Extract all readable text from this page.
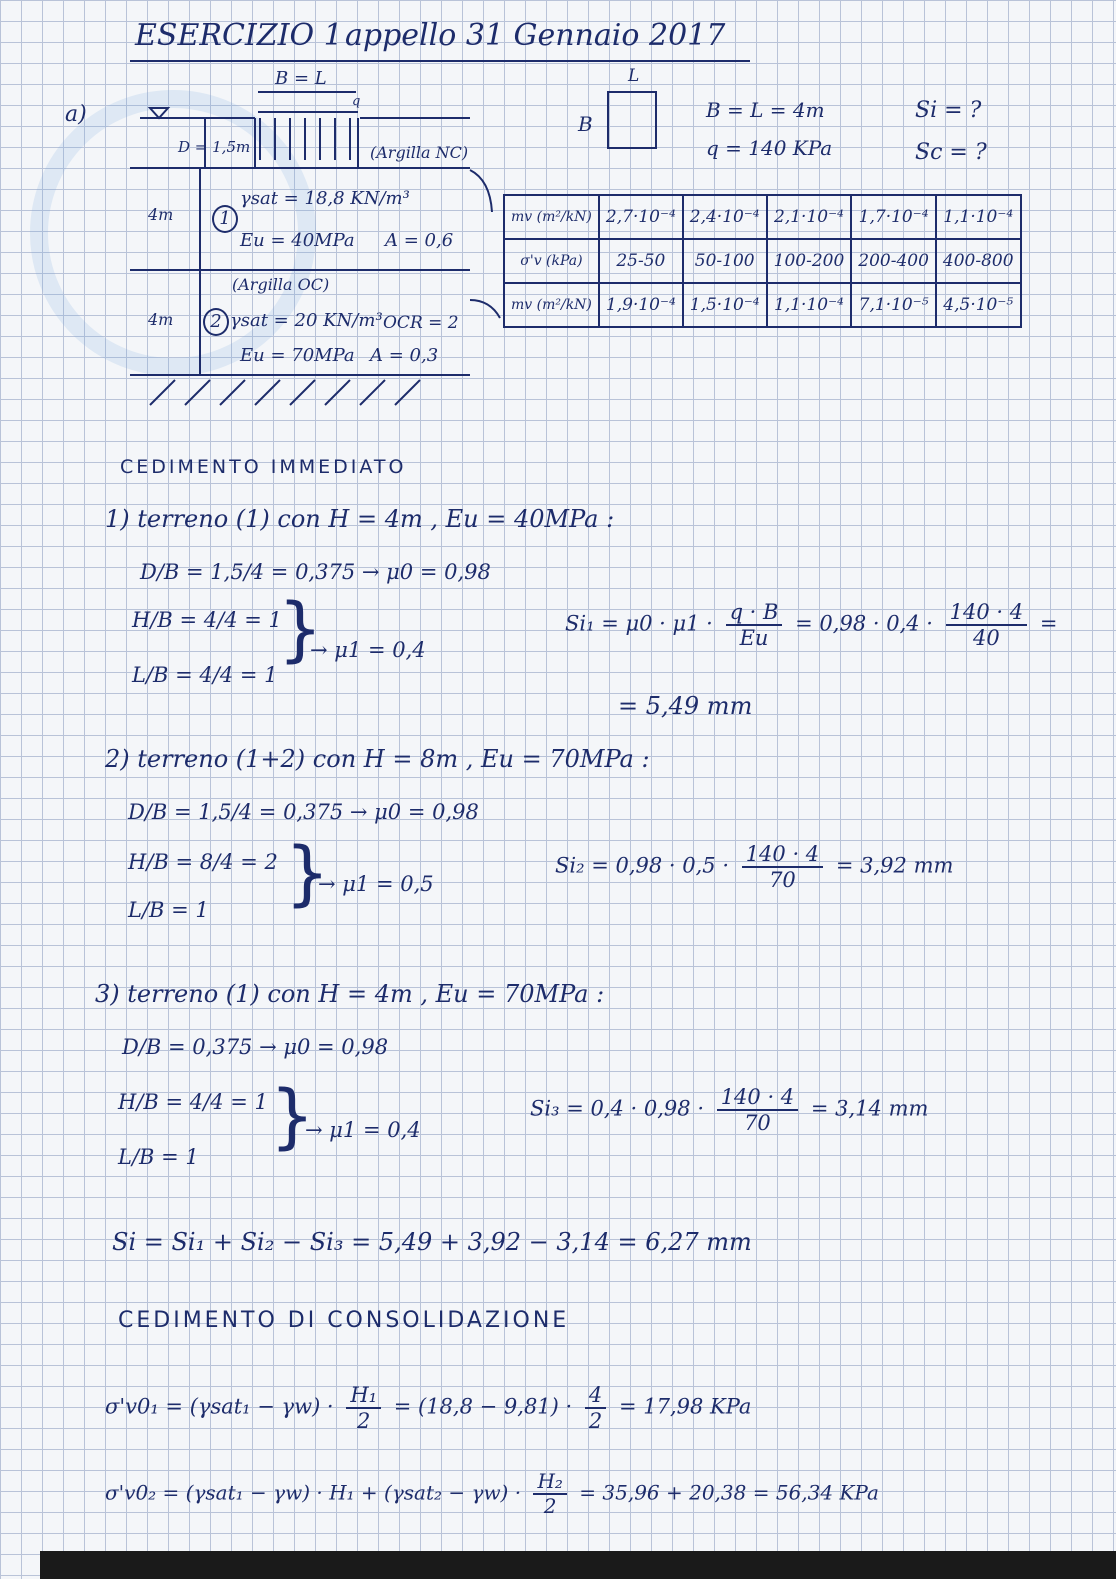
ESERCIZIO 1 appello 31 Gennaio 2017
a)
B = L
q
D = 1,5m	(Argilla NC)
4m	1
γsat = 18,8 KN/m³
Eu = 40MPa A = 0,6
(Argilla OC)
4m	2 γsat = 20 KN/m³ OCR = 2
Eu = 70MPa A = 0,3
L
B
B = L = 4m
q = 140 KPa
Si = ?
Sc = ?
mv (m²/kN)	2,7·10⁻⁴	2,4·10⁻⁴	2,1·10⁻⁴	1,7·10⁻⁴	1,1·10⁻⁴
σ'v (kPa)	25-50	50-100	100-200	200-400	400-800
mv (m²/kN)	1,9·10⁻⁴	1,5·10⁻⁴	1,1·10⁻⁴	7,1·10⁻⁵	4,5·10⁻⁵
CEDIMENTO IMMEDIATO
1) terreno (1) con H = 4m , Eu = 40MPa :
D/B = 1,5/4 = 0,375 → μ0 = 0,98
H/B = 4/4 = 1
L/B = 4/4 = 1
}
→ μ1 = 0,4
$Si_1 = \mu 0 \cdot \mu 1 \cdot \frac{q \cdot B}{Eu} = 0,98 \cdot 0,4 \cdot \frac{140 \cdot 4}{40}$ =
= 5,49 mm
2) terreno (1+2) con H = 8m , Eu = 70MPa :
D/B = 1,5/4 = 0,375 → μ0 = 0,98
H/B = 8/4 = 2
L/B = 1 }
→ μ1 = 0,5
$Si_2 = 0,98 \cdot 0,5 \cdot \frac{140 \cdot 4}{70} = 3,92$ mm
3) terreno (1) con H = 4m , Eu = 70MPa :
D/B = 0,375 → μ0 = 0,98
H/B = 4/4 = 1
L/B = 1 }
→ μ1 = 0,4
$Si_3 = 0,4 \cdot 0,98 \cdot \frac{140 \cdot 4}{70} = 3,14$ mm
Si = Si₁ + Si₂ − Si₃ = 5,49 + 3,92 − 3,14 = 6,27 mm
CEDIMENTO DI CONSOLIDAZIONE
$\sigma'v0_1 = (\gamma sat_1 - \gamma w) \cdot \frac{\text{H₁}}{2} = (18,8 - 9,81) \cdot \frac{4}{2} = 17,98$ KPa
$\sigma'v0_2 = (\gamma sat_1 - \gamma w) \cdot H_1 + (\gamma sat_2 - \gamma w) \cdot \frac{\text{H₂}}{2} = 35,96 + 20,38 = 56,34$ KPa
